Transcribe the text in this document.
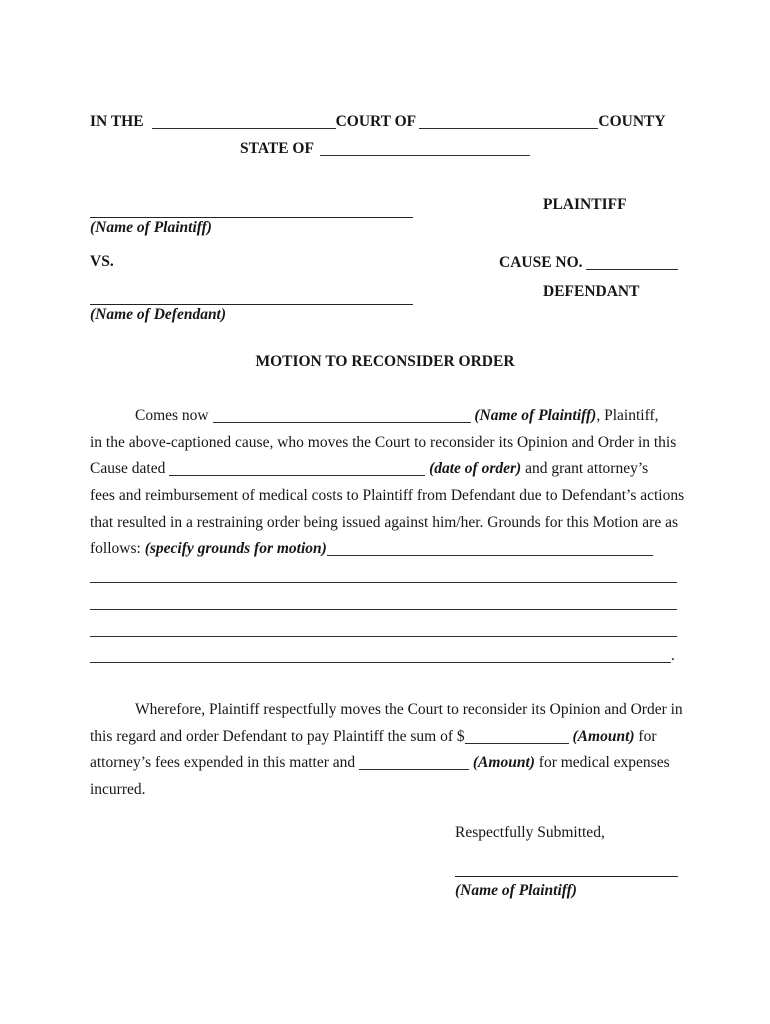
IN THE	COURT OF	COUNTY
STATE OF
PLAINTIFF
(Name of Plaintiff)
VS.	CAUSE NO.
DEFENDANT
(Name of Defendant)
MOTION TO RECONSIDER ORDER
Comes now	(Name of Plaintiff), Plaintiff,
in the above-captioned cause, who moves the Court to reconsider its Opinion and Order in this
Cause dated	(date of order) and grant attorney’s
fees and reimbursement of medical costs to Plaintiff from Defendant due to Defendant’s actions
that resulted in a restraining order being issued against him/her. Grounds for this Motion are as
follows: (specify grounds for motion)
.
Wherefore, Plaintiff respectfully moves the Court to reconsider its Opinion and Order in
this regard and order Defendant to pay Plaintiff the sum of $	(Amount) for
attorney’s fees expended in this matter and	(Amount) for medical expenses
incurred.
Respectfully Submitted,
(Name of Plaintiff)
